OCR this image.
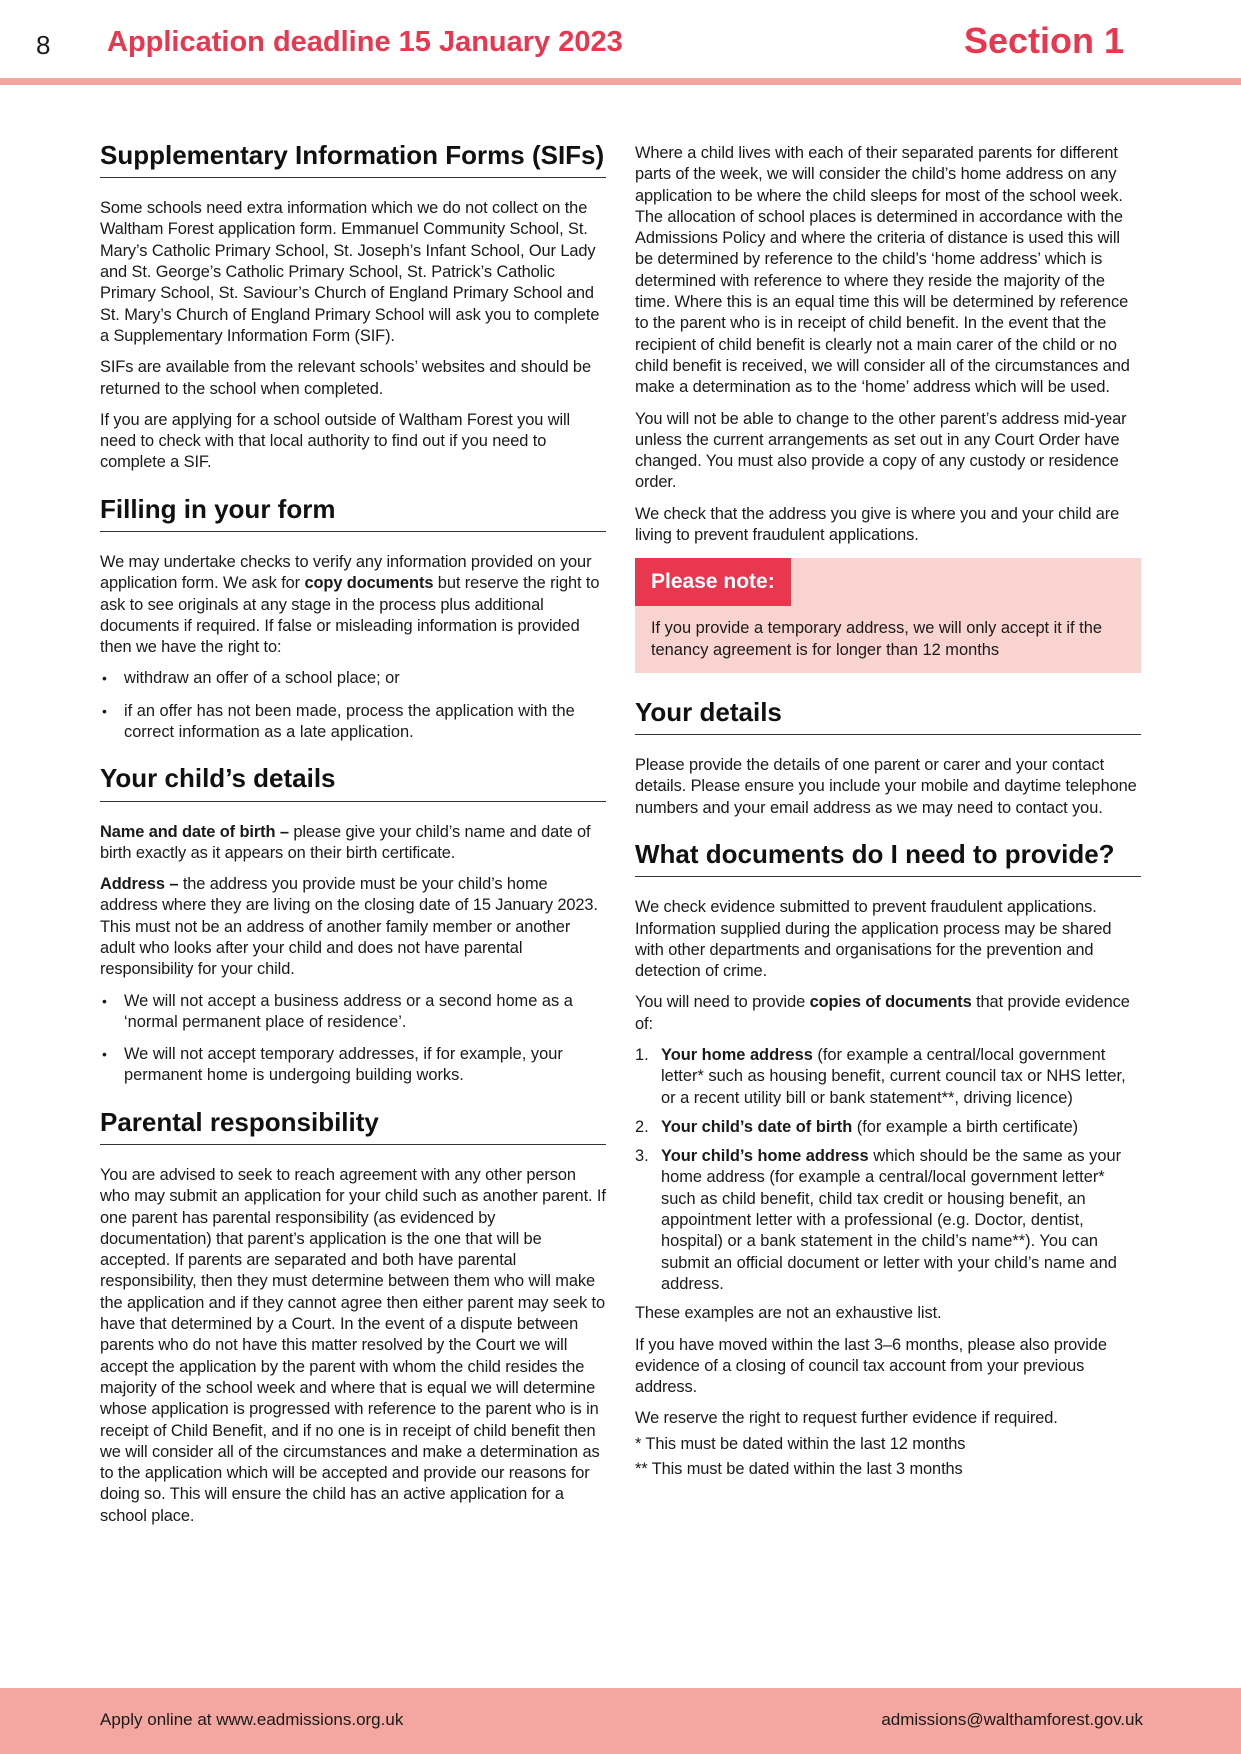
8 Application deadline 15 January 2023	Section 1
Supplementary Information Forms (SIFs)

Some schools need extra information which we do not collect on the Waltham Forest application form. Emmanuel Community School, St. Mary’s Catholic Primary School, St. Joseph’s Infant School, Our Lady and St. George’s Catholic Primary School, St. Patrick’s Catholic Primary School, St. Saviour’s Church of England Primary School and St. Mary’s Church of England Primary School will ask you to complete a Supplementary Information Form (SIF).

SIFs are available from the relevant schools’ websites and should be returned to the school when completed.

If you are applying for a school outside of Waltham Forest you will need to check with that local authority to find out if you need to complete a SIF.

Filling in your form

We may undertake checks to verify any information provided on your application form. We ask for copy documents but reserve the right to ask to see originals at any stage in the process plus additional documents if required. If false or misleading information is provided then we have the right to:

• withdraw an offer of a school place; or
• if an offer has not been made, process the application with the correct information as a late application.
Your child’s details

Name and date of birth – please give your child’s name and date of birth exactly as it appears on their birth certificate.

Address – the address you provide must be your child’s home address where they are living on the closing date of 15 January 2023. This must not be an address of another family member or another adult who looks after your child and does not have parental responsibility for your child.

• We will not accept a business address or a second home as a ‘normal permanent place of residence’.
• We will not accept temporary addresses, if for example, your permanent home is undergoing building works.
Parental responsibility

You are advised to seek to reach agreement with any other person who may submit an application for your child such as another parent. If one parent has parental responsibility (as evidenced by documentation) that parent’s application is the one that will be accepted. If parents are separated and both have parental responsibility, then they must determine between them who will make the application and if they cannot agree then either parent may seek to have that determined by a Court. In the event of a dispute between parents who do not have this matter resolved by the Court we will accept the application by the parent with whom the child resides the majority of the school week and where that is equal we will determine whose application is progressed with reference to the parent who is in receipt of Child Benefit, and if no one is in receipt of child benefit then we will consider all of the circumstances and make a determination as to the application which will be accepted and provide our reasons for doing so. This will ensure the child has an active application for a school place.

Where a child lives with each of their separated parents for different parts of the week, we will consider the child’s home address on any application to be where the child sleeps for most of the school week. The allocation of school places is determined in accordance with the Admissions Policy and where the criteria of distance is used this will be determined by reference to the child’s ‘home address’ which is determined with reference to where they reside the majority of the time. Where this is an equal time this will be determined by reference to the parent who is in receipt of child benefit. In the event that the recipient of child benefit is clearly not a main carer of the child or no child benefit is received, we will consider all of the circumstances and make a determination as to the ‘home’ address which will be used.

You will not be able to change to the other parent’s address mid-year unless the current arrangements as set out in any Court Order have changed. You must also provide a copy of any custody or residence order.

We check that the address you give is where you and your child are living to prevent fraudulent applications.

Please note:
If you provide a temporary address, we will only accept it if the tenancy agreement is for longer than 12 months
Your details

Please provide the details of one parent or carer and your contact details. Please ensure you include your mobile and daytime telephone numbers and your email address as we may need to contact you.

What documents do I need to provide?

We check evidence submitted to prevent fraudulent applications. Information supplied during the application process may be shared with other departments and organisations for the prevention and detection of crime.

You will need to provide copies of documents that provide evidence of:

1. Your home address (for example a central/local government letter* such as housing benefit, current council tax or NHS letter, or a recent utility bill or bank statement**, driving licence)
2. Your child’s date of birth (for example a birth certificate)
3. Your child’s home address which should be the same as your home address (for example a central/local government letter* such as child benefit, child tax credit or housing benefit, an appointment letter with a professional (e.g. Doctor, dentist, hospital) or a bank statement in the child’s name**). You can submit an official document or letter with your child’s name and address.

These examples are not an exhaustive list.

If you have moved within the last 3–6 months, please also provide evidence of a closing of council tax account from your previous address.

We reserve the right to request further evidence if required.

* This must be dated within the last 12 months

** This must be dated within the last 3 months

Apply online at www.eadmissions.org.uk	admissions@walthamforest.gov.uk
